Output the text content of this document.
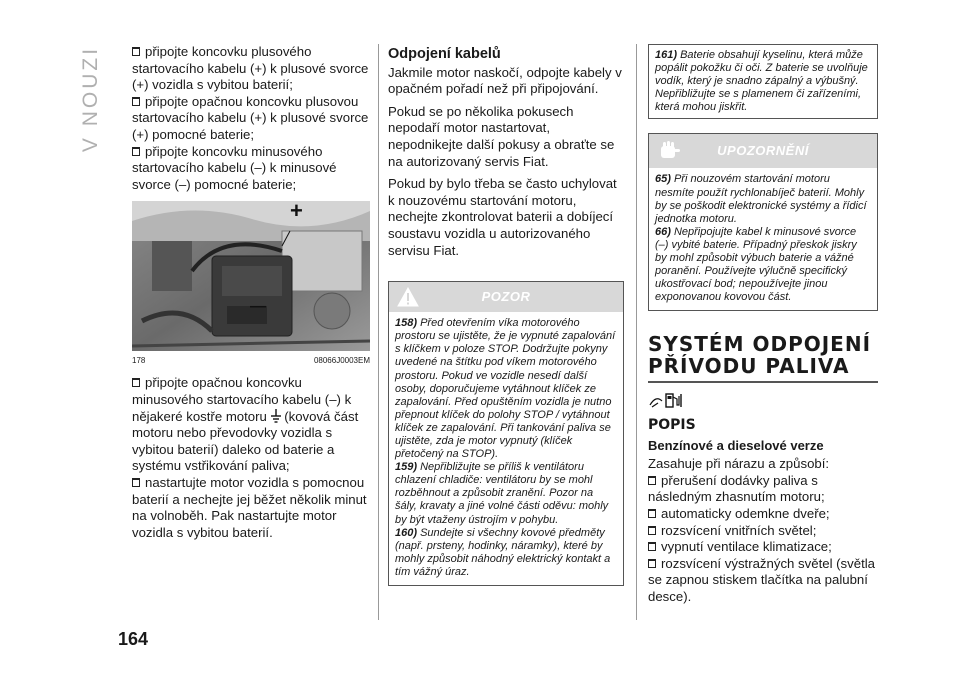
V NOUZI	připojte koncovku plusového startovacího kabelu (+) k plusové svorce (+) vozidla s vybitou baterií;

připojte opačnou koncovku plusovou startovacího kabelu (+) k plusové svorce (+) pomocné baterie;

připojte koncovku minusového startovacího kabelu (–) k minusové svorce (–) pomocné baterie;

+
—
178	08066J0003EM

připojte opačnou koncovku minusového startovacího kabelu (–) k nějakeré kostře motoru (kovová část motoru nebo převodovky vozidla s vybitou baterií) daleko od baterie a systému vstřikování paliva;

nastartujte motor vozidla s pomocnou baterií a nechejte jej běžet několik minut na volnoběh. Pak nastartujte motor vozidla s vybitou baterií.

Odpojení kabelů

Jakmile motor naskočí, odpojte kabely v opačném pořadí než při připojování.

Pokud se po několika pokusech nepodaří motor nastartovat, nepodnikejte další pokusy a obraťte se na autorizovaný servis Fiat.

Pokud by bylo třeba se často uchylovat k nouzovému startování motoru, nechejte zkontrolovat baterii a dobíjecí soustavu vozidla u autorizovaného servisu Fiat.

POZOR

158) Před otevřením víka motorového prostoru se ujistěte, že je vypnuté zapalování s klíčkem v poloze STOP. Dodržujte pokyny uvedené na štítku pod víkem motorového prostoru. Pokud ve vozidle nesedí další osoby, doporučujeme vytáhnout klíček ze zapalování. Před opuštěním vozidla je nutno přepnout klíček do polohy STOP / vytáhnout klíček ze zapalování. Při tankování paliva se ujistěte, zda je motor vypnutý (klíček přetočený na STOP).

159) Nepřibližujte se příliš k ventilátoru chlazení chladiče: ventilátoru by se mohl rozběhnout a způsobit zranění. Pozor na šály, kravaty a jiné volné části oděvu: mohly by být vtaženy ústrojím v pohybu.

160) Sundejte si všechny kovové předměty (např. prsteny, hodinky, náramky), které by mohly způsobit náhodný elektrický kontakt a tím vážný úraz.

161) Baterie obsahují kyselinu, která může popálit pokožku či oči. Z baterie se uvolňuje vodík, který je snadno zápalný a výbušný. Nepřibližujte se s plamenem či zařízeními, která mohou jiskřit.
UPOZORNĚNÍ

65) Při nouzovém startování motoru nesmíte použít rychlonabíječ baterií. Mohly by se poškodit elektronické systémy a řídicí jednotka motoru.

66) Nepřipojujte kabel k minusové svorce (–) vybité baterie. Případný přeskok jiskry by mohl způsobit výbuch baterie a vážné poranění. Používejte výlučně specifický ukostřovací bod; nepoužívejte jinou exponovanou kovovou část.

SYSTÉM ODPOJENÍ
PŘÍVODU PALIVA
POPIS
Benzínové a dieselové verze

Zasahuje při nárazu a způsobí:

přerušení dodávky paliva s následným zhasnutím motoru;

automaticky odemkne dveře;

rozsvícení vnitřních světel;

vypnutí ventilace klimatizace;

rozsvícení výstražných světel (světla se zapnou stiskem tlačítka na palubní desce).

164
